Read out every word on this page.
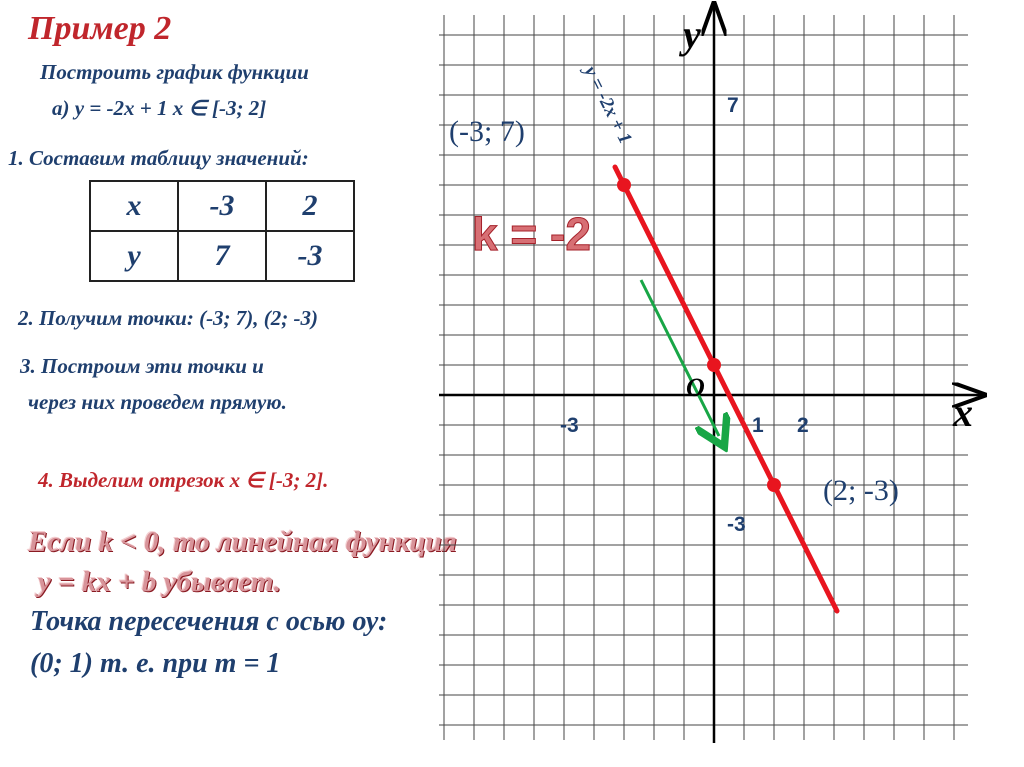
Пример 2
Построить график функции
а) у = -2х + 1 х ∈ [-3; 2]
1. Составим таблицу значений:
x	-3	2
y	7	-3
2. Получим точки: (-3; 7), (2; -3)
3. Построим эти точки и
через них проведем прямую.
4. Выделим отрезок х ∈ [-3; 2].
Если k < 0, то линейная функция
у = kx + b убывает.
Точка пересечения с осью оу:
(0; 1) т. е. при т = 1
k = -2
y
x
O
-3	1 2
7
-3
(-3; 7)
(2; -3)
y = -2x + 1
